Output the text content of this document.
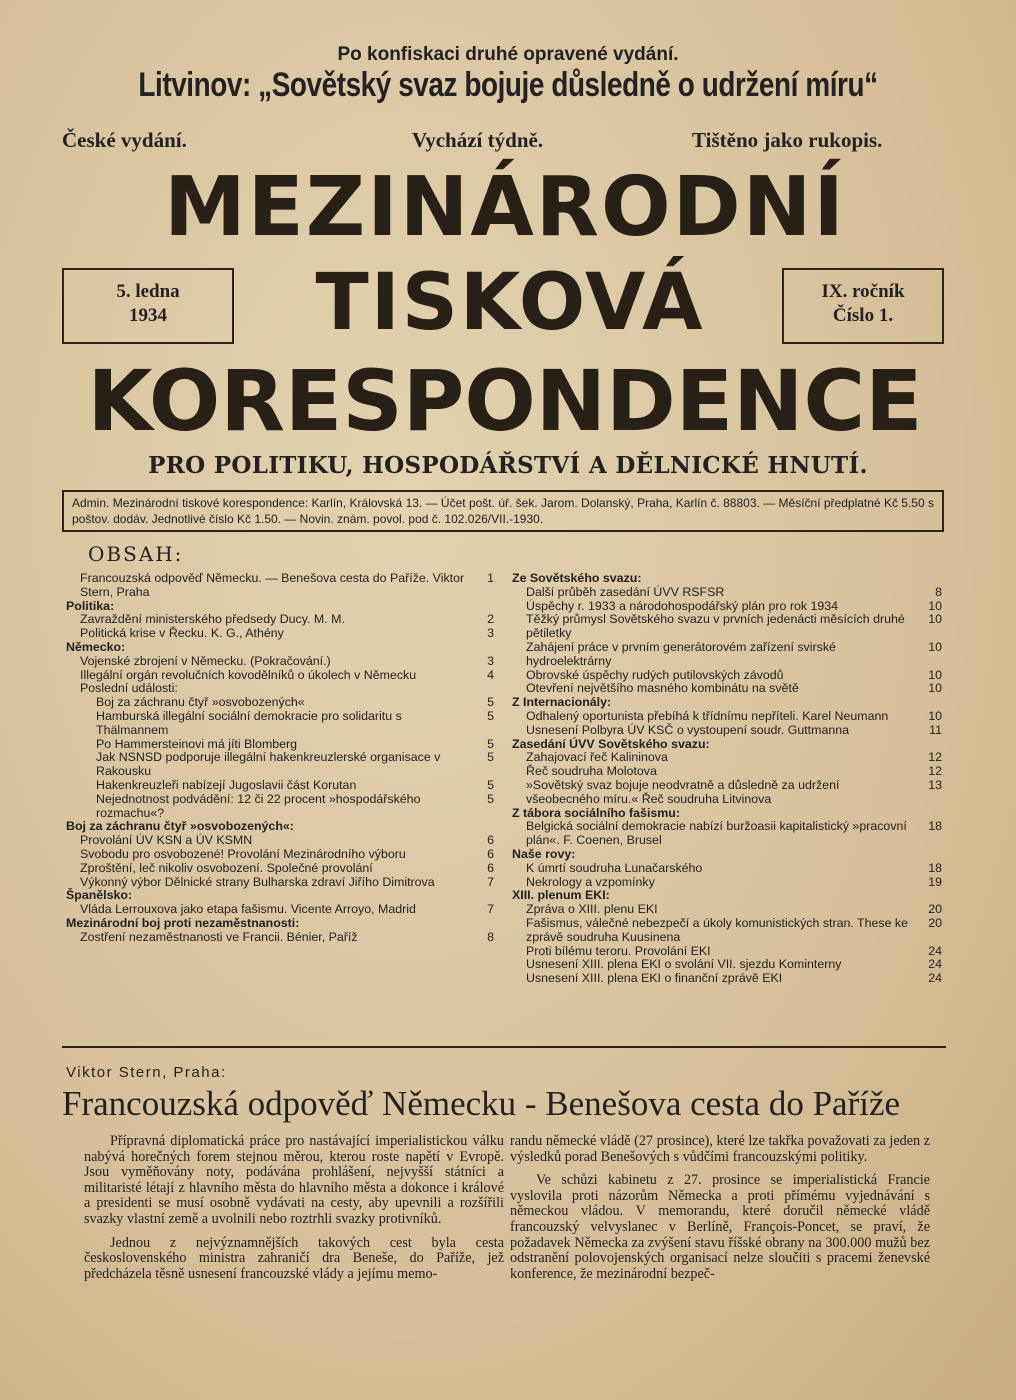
Po konfiskaci druhé opravené vydání.
Litvinov: „Sovětský svaz bojuje důsledně o udržení míru“
České vydání.	Vychází týdně.	Tištěno jako rukopis.
MEZINÁRODNÍ
5. ledna
1934	TISKOVÁ	IX. ročník
Číslo 1.
KORESPONDENCE
PRO POLITIKU, HOSPODÁŘSTVÍ A DĚLNICKÉ HNUTÍ.
Admin. Mezinárodní tiskové korespondence: Karlín, Královská 13. — Účet pošt. úř. šek. Jarom. Dolanský, Praha, Karlín č. 88803. — Měsíční předplatné Kč 5.50 s poštov. dodáv. Jednotlivé číslo Kč 1.50. — Novin. znám. povol. pod č. 102.026/VII.-1930.
OBSAH:
Francouzská odpověď Německu. — Benešova cesta do Paříže. Viktor Stern, Praha
1
Politika:
Zavraždění ministerského předsedy Ducy. M. M.	2
Politická krise v Řecku. K. G., Athény	3
Německo:
Vojenské zbrojení v Německu. (Pokračování.)	3
Illegální orgán revolučních kovodělníků o úkolech v Německu	4
Poslední události:
Boj za záchranu čtyř »osvobozených«	5
Hamburská illegální sociální demokracie pro solidaritu s Thälmannem
5
Po Hammersteinovi má jíti Blomberg	5
Jak NSNSD podporuje illegální hakenkreuzlerské organisace v Rakousku
5
Hakenkreuzleři nabízejí Jugoslavii část Korutan	5
Nejednotnost podvádění: 12 či 22 procent »hospodářského rozmachu«?
5
Boj za záchranu čtyř »osvobozených«:
Provolání ÚV KSN a ÚV KSMN	6
Svobodu pro osvobozené! Provolání Mezinárodního výboru	6
Zproštění, leč nikoliv osvobození. Společné provolání	6
Výkonný výbor Dělnické strany Bulharska zdraví Jiřího Dimitrova	7
Španělsko:
Vláda Lerrouxova jako etapa fašismu. Vicente Arroyo, Madrid	7
Mezinárodní boj proti nezaměstnanosti:
Zostření nezaměstnanosti ve Francii. Bénier, Paříž	8
Ze Sovětského svazu:
Další průběh zasedání ÚVV RSFSR	8
Úspěchy r. 1933 a národohospodářský plán pro rok 1934	10
Těžký průmysl Sovětského svazu v prvních jedenácti měsících druhé pětiletky
10
Zahájení práce v prvním generátorovém zařízení svirské hydroelektrárny
10
Obrovské úspěchy rudých putilovských závodů	10
Otevření největšího masného kombinátu na světě	10
Z Internacionály:
Odhalený oportunista přebíhá k třídnímu nepříteli. Karel Neumann	10
Usnesení Polbyra ÚV KSČ o vystoupení soudr. Guttmanna	11
Zasedání ÚVV Sovětského svazu:
Zahajovací řeč Kalininova	12
Řeč soudruha Molotova	12
»Sovětský svaz bojuje neodvratně a důsledně za udržení všeobecného míru.« Řeč soudruha Litvinova
13
Z tábora sociálního fašismu:
Belgická sociální demokracie nabízí buržoasii kapitalistický »pracovní plán«. F. Coenen, Brusel
18
Naše rovy:
K úmrtí soudruha Lunačarského	18
Nekrology a vzpomínky	19
XIII. plenum EKI:
Zpráva o XIII. plenu EKI	20
Fašismus, válečné nebezpečí a úkoly komunistických stran. These ke zprávě soudruha Kuusinena
20
Proti bílému teroru. Provolání EKI	24
Usnesení XIII. plena EKI o svolání VII. sjezdu Kominterny	24
Usnesení XIII. plena EKI o finanční zprávě EKI	24
Viktor Stern, Praha:
Francouzská odpověď Německu - Benešova cesta do Paříže

Přípravná diplomatická práce pro nastávající imperialistickou válku nabývá horečných forem stejnou měrou, kterou roste napětí v Evropě. Jsou vyměňovány noty, podávána prohlášení, nejvyšší státníci a militaristé létají z hlavního města do hlavního města a dokonce i králové a presidenti se musí osobně vydávati na cesty, aby upevnili a rozšířili svazky vlastní země a uvolnili nebo roztrhli svazky protivníků.

Jednou z nejvýznamnějších takových cest byla cesta československého ministra zahraničí dra Beneše, do Paříže, jež předcházela těsně usnesení francouzské vlády a jejímu memo-

randu německé vládě (27 prosince), které lze takřka považovati za jeden z výsledků porad Benešových s vůdčími francouzskými politiky.

Ve schůzi kabinetu z 27. prosince se imperialistická Francie vyslovila proti názorům Německa a proti přímému vyjednávání s německou vládou. V memorandu, které doručil německé vládě francouzský velvyslanec v Berlíně, François-Poncet, se praví, že požadavek Německa za zvýšení stavu říšské obrany na 300.000 mužů bez odstranění polovojenských organisací nelze sloučiti s pracemi ženevské konference, že mezinárodní bezpeč-
